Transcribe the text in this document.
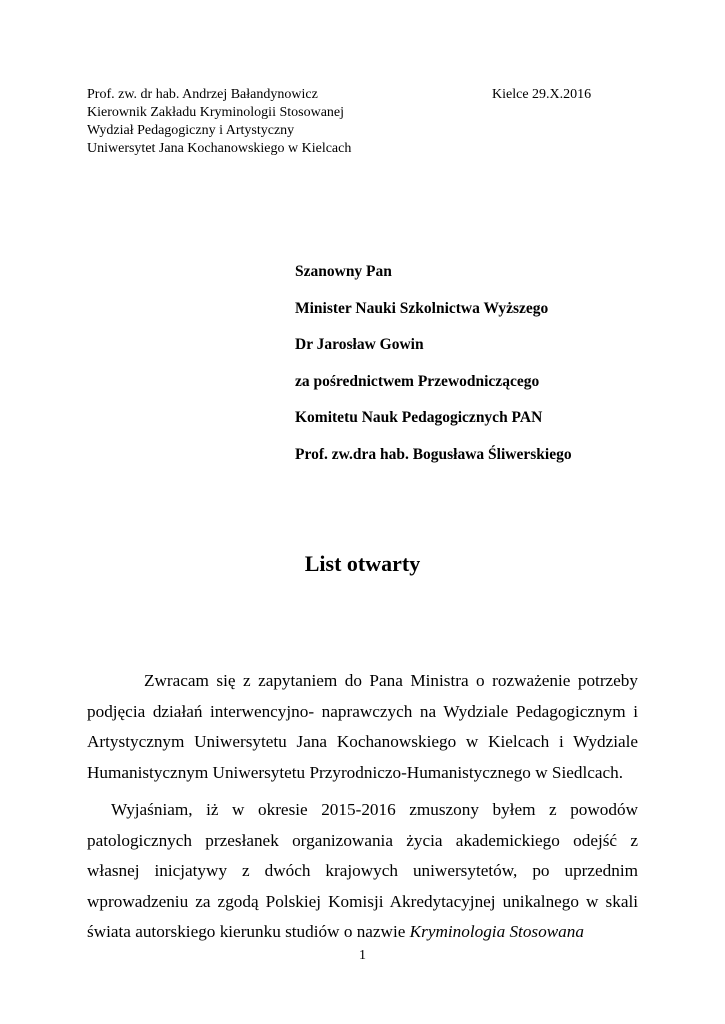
Prof. zw. dr hab. Andrzej Bałandynowicz
Kierownik Zakładu Kryminologii Stosowanej
Wydział Pedagogiczny i Artystyczny
Uniwersytet Jana Kochanowskiego w Kielcach
Kielce 29.X.2016
Szanowny Pan
Minister Nauki Szkolnictwa Wyższego
Dr Jarosław Gowin
za pośrednictwem Przewodniczącego
Komitetu Nauk Pedagogicznych PAN
Prof. zw.dra hab. Bogusława Śliwerskiego
List otwarty

Zwracam się z zapytaniem do Pana Ministra o rozważenie potrzeby podjęcia działań interwencyjno- naprawczych na Wydziale Pedagogicznym i Artystycznym Uniwersytetu Jana Kochanowskiego w Kielcach i Wydziale Humanistycznym Uniwersytetu Przyrodniczo-Humanistycznego w Siedlcach.

Wyjaśniam, iż w okresie 2015-2016 zmuszony byłem z powodów patologicznych przesłanek organizowania życia akademickiego odejść z własnej inicjatywy z dwóch krajowych uniwersytetów, po uprzednim wprowadzeniu za zgodą Polskiej Komisji Akredytacyjnej unikalnego w skali świata autorskiego kierunku studiów o nazwie Kryminologia Stosowana

1
